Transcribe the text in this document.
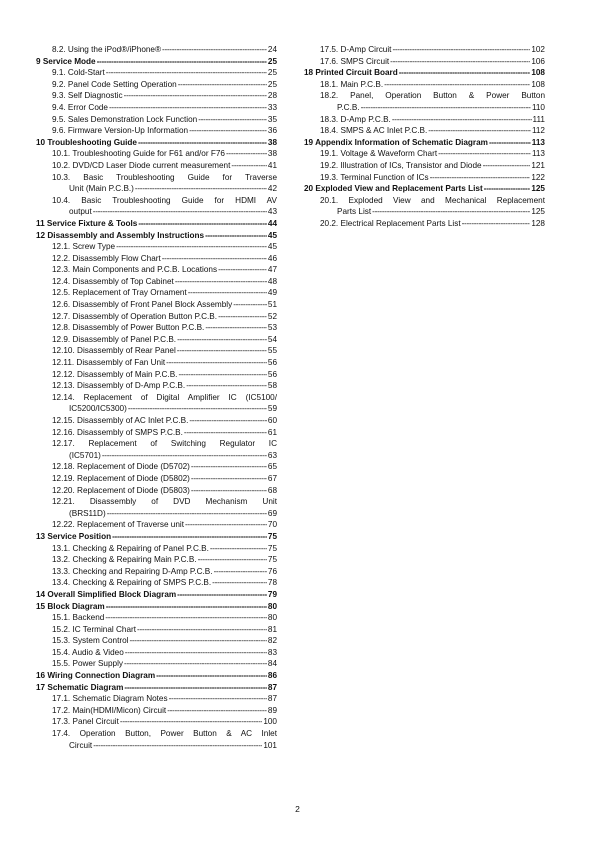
8.2. Using the iPod®/iPhone® -----	24
9 Service Mode -----	25
9.1. Cold-Start -----	25
9.2. Panel Code Setting Operation -----	25
9.3. Self Diagnostic -----	28
9.4. Error Code -----	33
9.5. Sales Demonstration Lock Function -----	35
9.6. Firmware Version-Up Information -----	36
10 Troubleshooting Guide -----	38
10.1. Troubleshooting Guide for F61 and/or F76 -----	38
10.2. DVD/CD Laser Diode current measurement -----	41
10.3. Basic Troubleshooting Guide for Traverse
Unit (Main P.C.B.) -----	42
10.4. Basic Troubleshooting Guide for HDMI AV
output -----	43
11 Service Fixture & Tools -----	44
12 Disassembly and Assembly Instructions -----	45
12.1. Screw Type -----	45
12.2. Disassembly Flow Chart -----	46
12.3. Main Components and P.C.B. Locations -----	47
12.4. Disassembly of Top Cabinet -----	48
12.5. Replacement of Tray Ornament -----	49
12.6. Disassembly of Front Panel Block Assembly -----	51
12.7. Disassembly of Operation Button P.C.B. -----	52
12.8. Disassembly of Power Button P.C.B. -----	53
12.9. Disassembly of Panel P.C.B. -----	54
12.10. Disassembly of Rear Panel -----	55
12.11. Disassembly of Fan Unit -----	56
12.12. Disassembly of Main P.C.B. -----	56
12.13. Disassembly of D-Amp P.C.B. -----	58
12.14. Replacement of Digital Amplifier IC (IC5100/
IC5200/IC5300) -----	59
12.15. Disassembly of AC Inlet P.C.B. -----	60
12.16. Disassembly of SMPS P.C.B. -----	61
12.17. Replacement of Switching Regulator IC
(IC5701) -----	63
12.18. Replacement of Diode (D5702) -----	65
12.19. Replacement of Diode (D5802) -----	67
12.20. Replacement of Diode (D5803) -----	68
12.21. Disassembly of DVD Mechanism Unit
(BRS11D) -----	69
12.22. Replacement of Traverse unit -----	70
13 Service Position -----	75
13.1. Checking & Repairing of Panel P.C.B. -----	75
13.2. Checking & Repairing Main P.C.B. -----	75
13.3. Checking and Repairing D-Amp P.C.B. -----	76
13.4. Checking & Repairing of SMPS P.C.B. -----	78
14 Overall Simplified Block Diagram -----	79
15 Block Diagram -----	80
15.1. Backend -----	80
15.2. IC Terminal Chart -----	81
15.3. System Control -----	82
15.4. Audio & Video -----	83
15.5. Power Supply -----	84
16 Wiring Connection Diagram -----	86
17 Schematic Diagram -----	87
17.1. Schematic Diagram Notes -----	87
17.2. Main(HDMI/Micon) Circuit -----	89
17.3. Panel Circuit -----	100
17.4. Operation Button, Power Button & AC Inlet
Circuit -----	101
17.5. D-Amp Circuit -----	102
17.6. SMPS Circuit -----	106
18 Printed Circuit Board -----	108
18.1. Main P.C.B. -----	108
18.2. Panel, Operation Button & Power Button
P.C.B. -----	110
18.3. D-Amp P.C.B. -----	111
18.4. SMPS & AC Inlet P.C.B. -----	112
19 Appendix Information of Schematic Diagram -----	113
19.1. Voltage & Waveform Chart -----	113
19.2. Illustration of ICs, Transistor and Diode -----	121
19.3. Terminal Function of ICs -----	122
20 Exploded View and Replacement Parts List -----	125
20.1. Exploded View and Mechanical Replacement
Parts List -----	125
20.2. Electrical Replacement Parts List -----	128
2
